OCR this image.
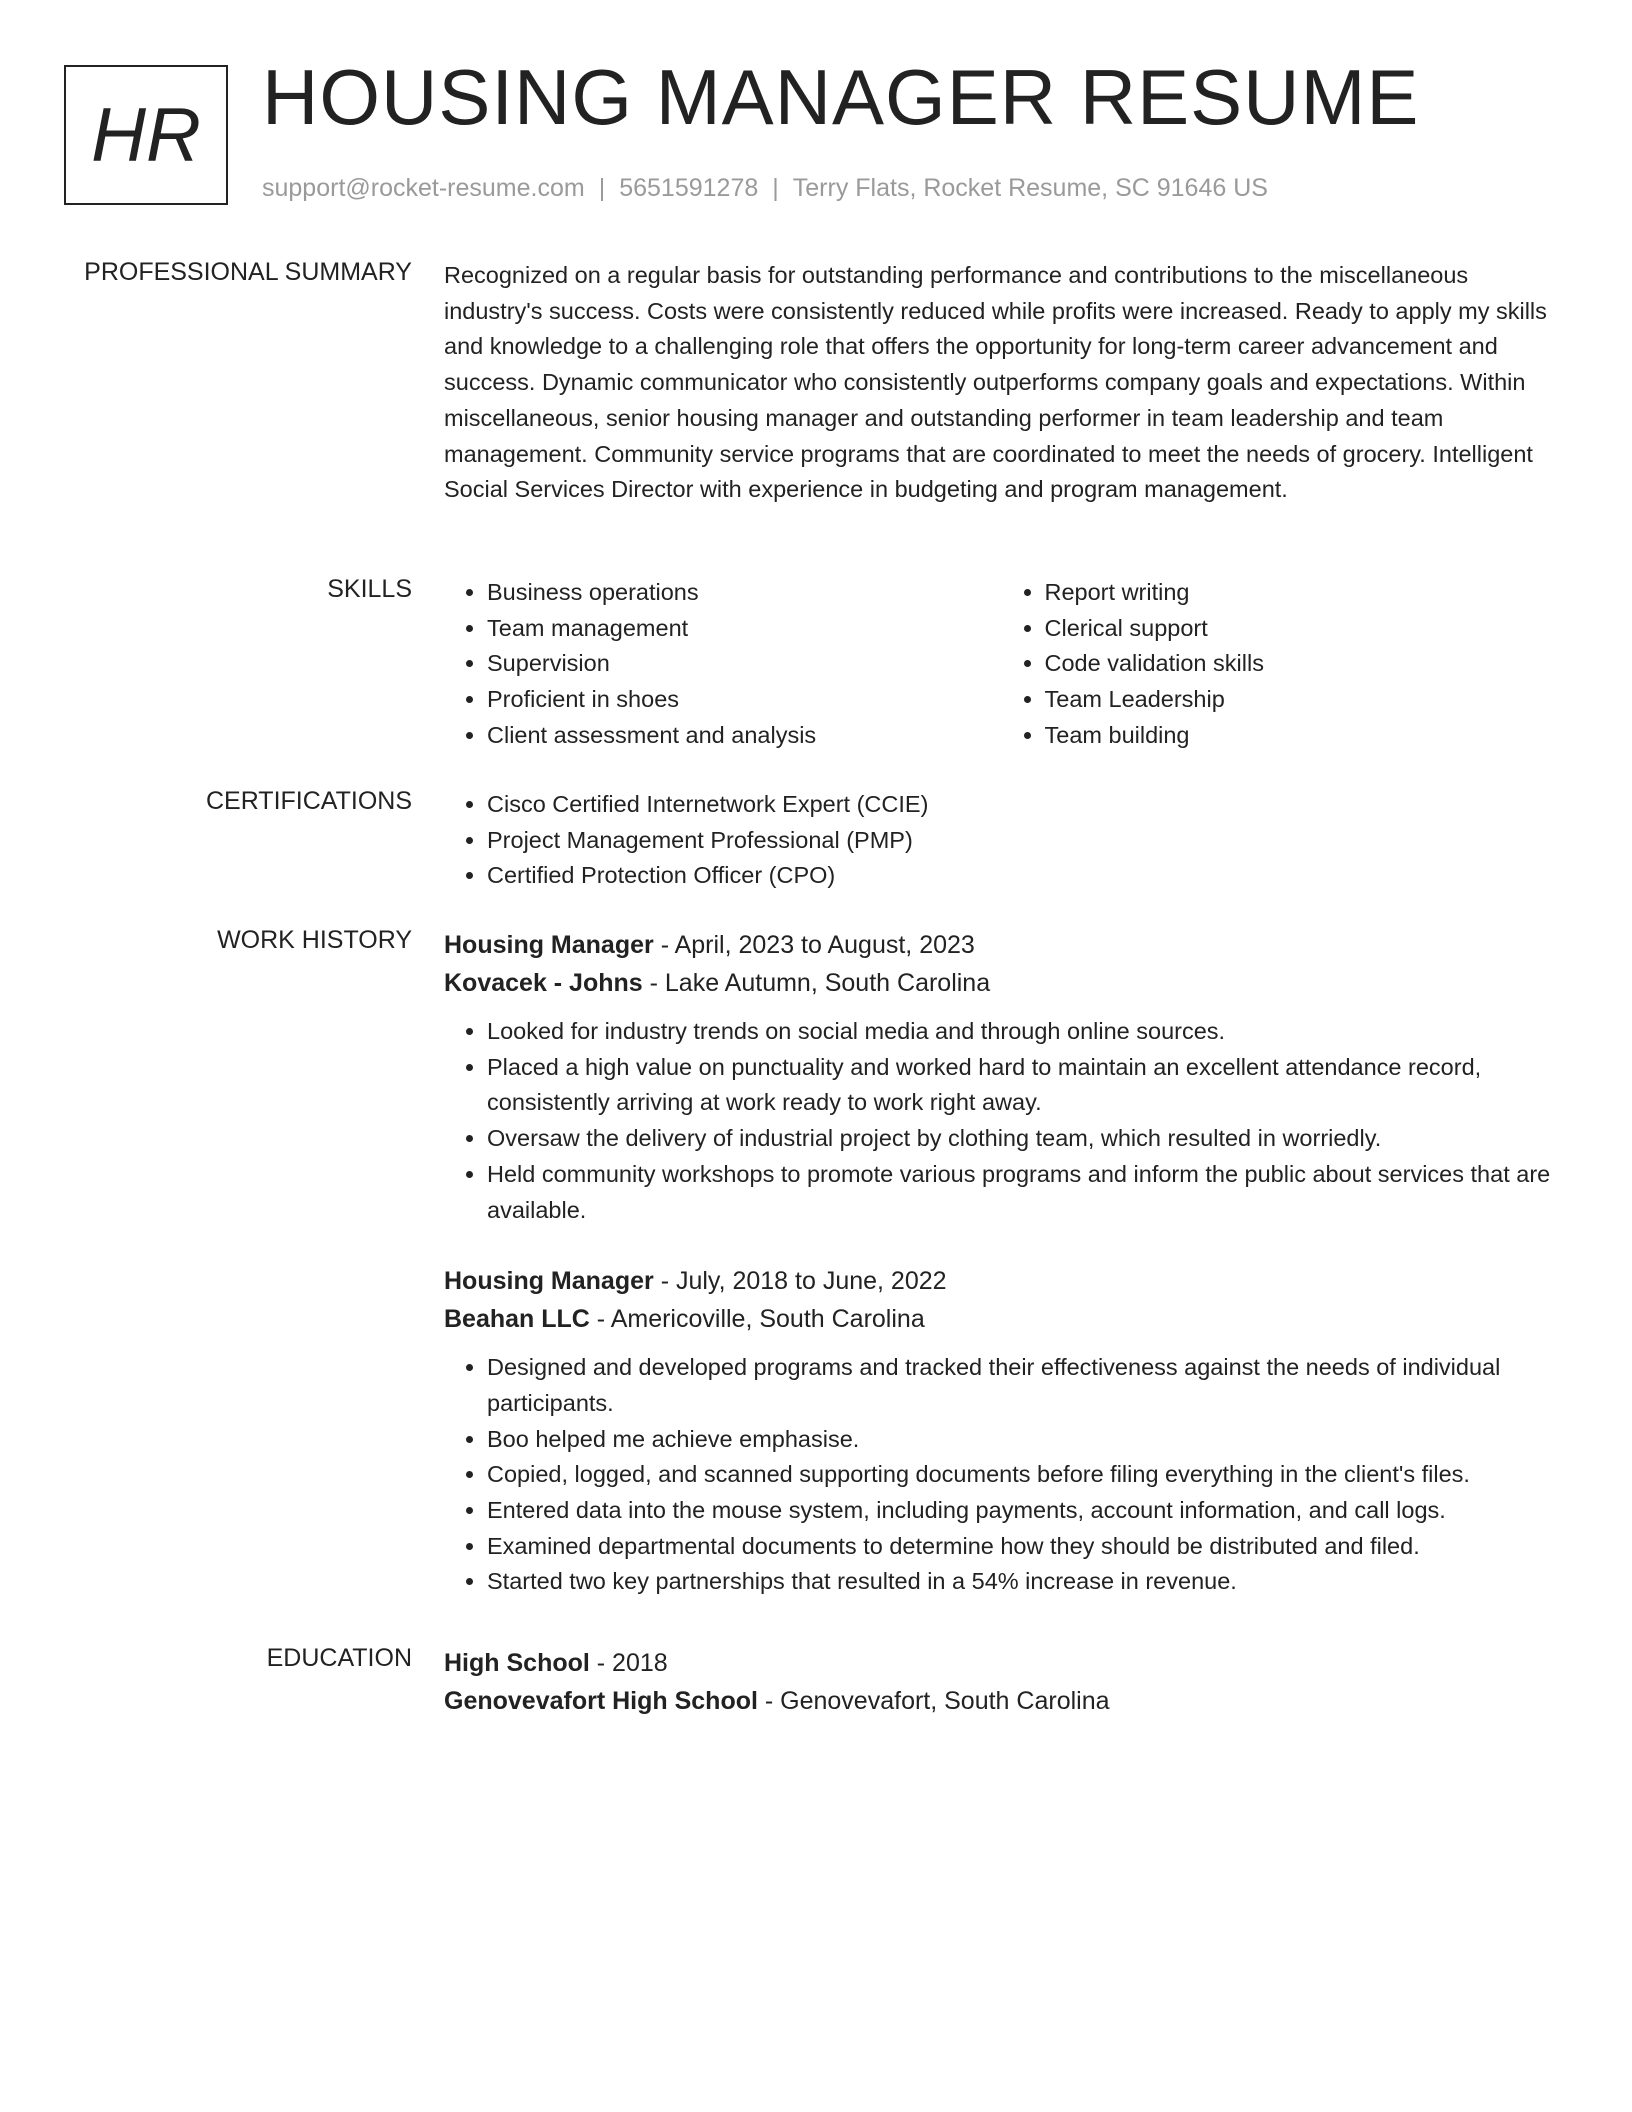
HR HOUSING MANAGER RESUME
support@rocket-resume.com | 5651591278 | Terry Flats, Rocket Resume, SC 91646 US
PROFESSIONAL SUMMARY Recognized on a regular basis for outstanding performance and contributions to the miscellaneous industry's success. Costs were consistently reduced while profits were increased. Ready to apply my skills and knowledge to a challenging role that offers the opportunity for long-term career advancement and success. Dynamic communicator who consistently outperforms company goals and expectations. Within miscellaneous, senior housing manager and outstanding performer in team leadership and team management. Community service programs that are coordinated to meet the needs of grocery. Intelligent Social Services Director with experience in budgeting and program management.
SKILLS	• Business operations
• Team management
• Supervision
• Proficient in shoes
• Client assessment and analysis
• Report writing
• Clerical support
• Code validation skills
• Team Leadership
• Team building
CERTIFICATIONS	• Cisco Certified Internetwork Expert (CCIE)
• Project Management Professional (PMP)
• Certified Protection Officer (CPO)
WORK HISTORY Housing Manager - April, 2023 to August, 2023
Kovacek - Johns - Lake Autumn, South Carolina
• Looked for industry trends on social media and through online sources.
• Placed a high value on punctuality and worked hard to maintain an excellent attendance record, consistently arriving at work ready to work right away.
• Oversaw the delivery of industrial project by clothing team, which resulted in worriedly.
• Held community workshops to promote various programs and inform the public about services that are available.
Housing Manager - July, 2018 to June, 2022
Beahan LLC - Americoville, South Carolina
• Designed and developed programs and tracked their effectiveness against the needs of individual participants.
• Boo helped me achieve emphasise.
• Copied, logged, and scanned supporting documents before filing everything in the client's files.
• Entered data into the mouse system, including payments, account information, and call logs.
• Examined departmental documents to determine how they should be distributed and filed.
• Started two key partnerships that resulted in a 54% increase in revenue.
EDUCATION High School - 2018
Genovevafort High School - Genovevafort, South Carolina
